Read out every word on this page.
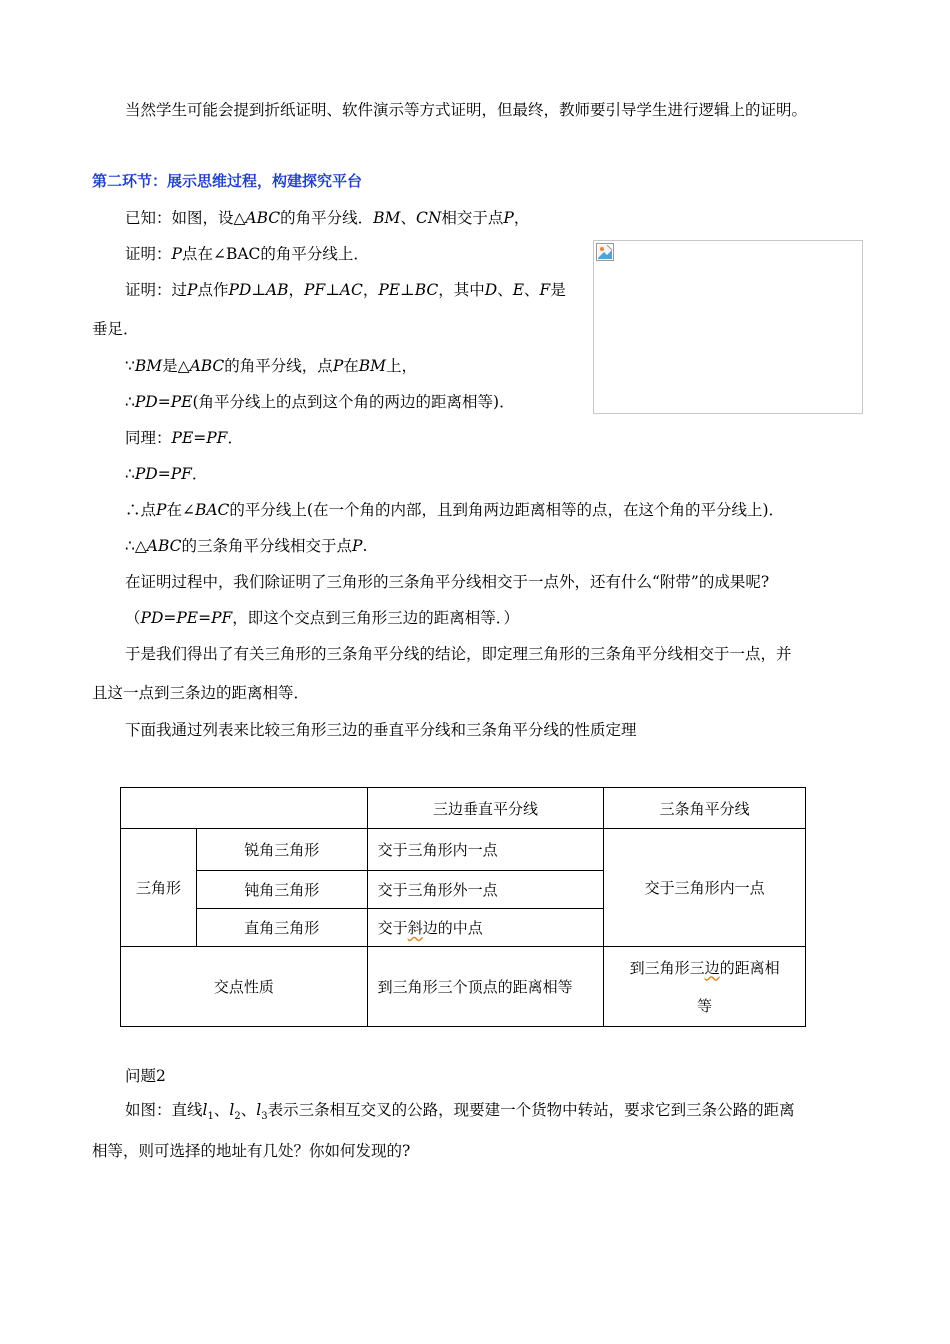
当然学生可能会提到折纸证明、软件演示等方式证明，但最终，教师要引导学生进行逻辑上的证明。
第二环节：展示思维过程，构建探究平台
已知：如图，设△ABC的角平分线．BM、CN相交于点P，
证明：P点在∠BAC的角平分线上．
证明：过P点作PD⊥AB，PF⊥AC，PE⊥BC，其中D、E、F是
垂足．
∵BM是△ABC的角平分线，点P在BM上，
∴PD=PE(角平分线上的点到这个角的两边的距离相等)．
同理：PE=PF．
∴PD=PF．
∴点P在∠BAC的平分线上(在一个角的内部，且到角两边距离相等的点，在这个角的平分线上)．
∴△ABC的三条角平分线相交于点P.
在证明过程中，我们除证明了三角形的三条角平分线相交于一点外，还有什么“附带”的成果呢?
（PD=PE=PF，即这个交点到三角形三边的距离相等．）
于是我们得出了有关三角形的三条角平分线的结论，即定理三角形的三条角平分线相交于一点，并
且这一点到三条边的距离相等．
下面我通过列表来比较三角形三边的垂直平分线和三条角平分线的性质定理
		三边垂直平分线	三条角平分线
三角形	锐角三角形	交于三角形内一点	交于三角形内一点
	钝角三角形	交于三角形外一点	
	直角三角形	交于斜边的中点	
交点性质		到三角形三个顶点的距离相等	到三角形三边的距离相
等
问题2
如图：直线$l_1$、$l_2$、$l_3$表示三条相互交叉的公路，现要建一个货物中转站，要求它到三条公路的距离
相等，则可选择的地址有几处？你如何发现的?
